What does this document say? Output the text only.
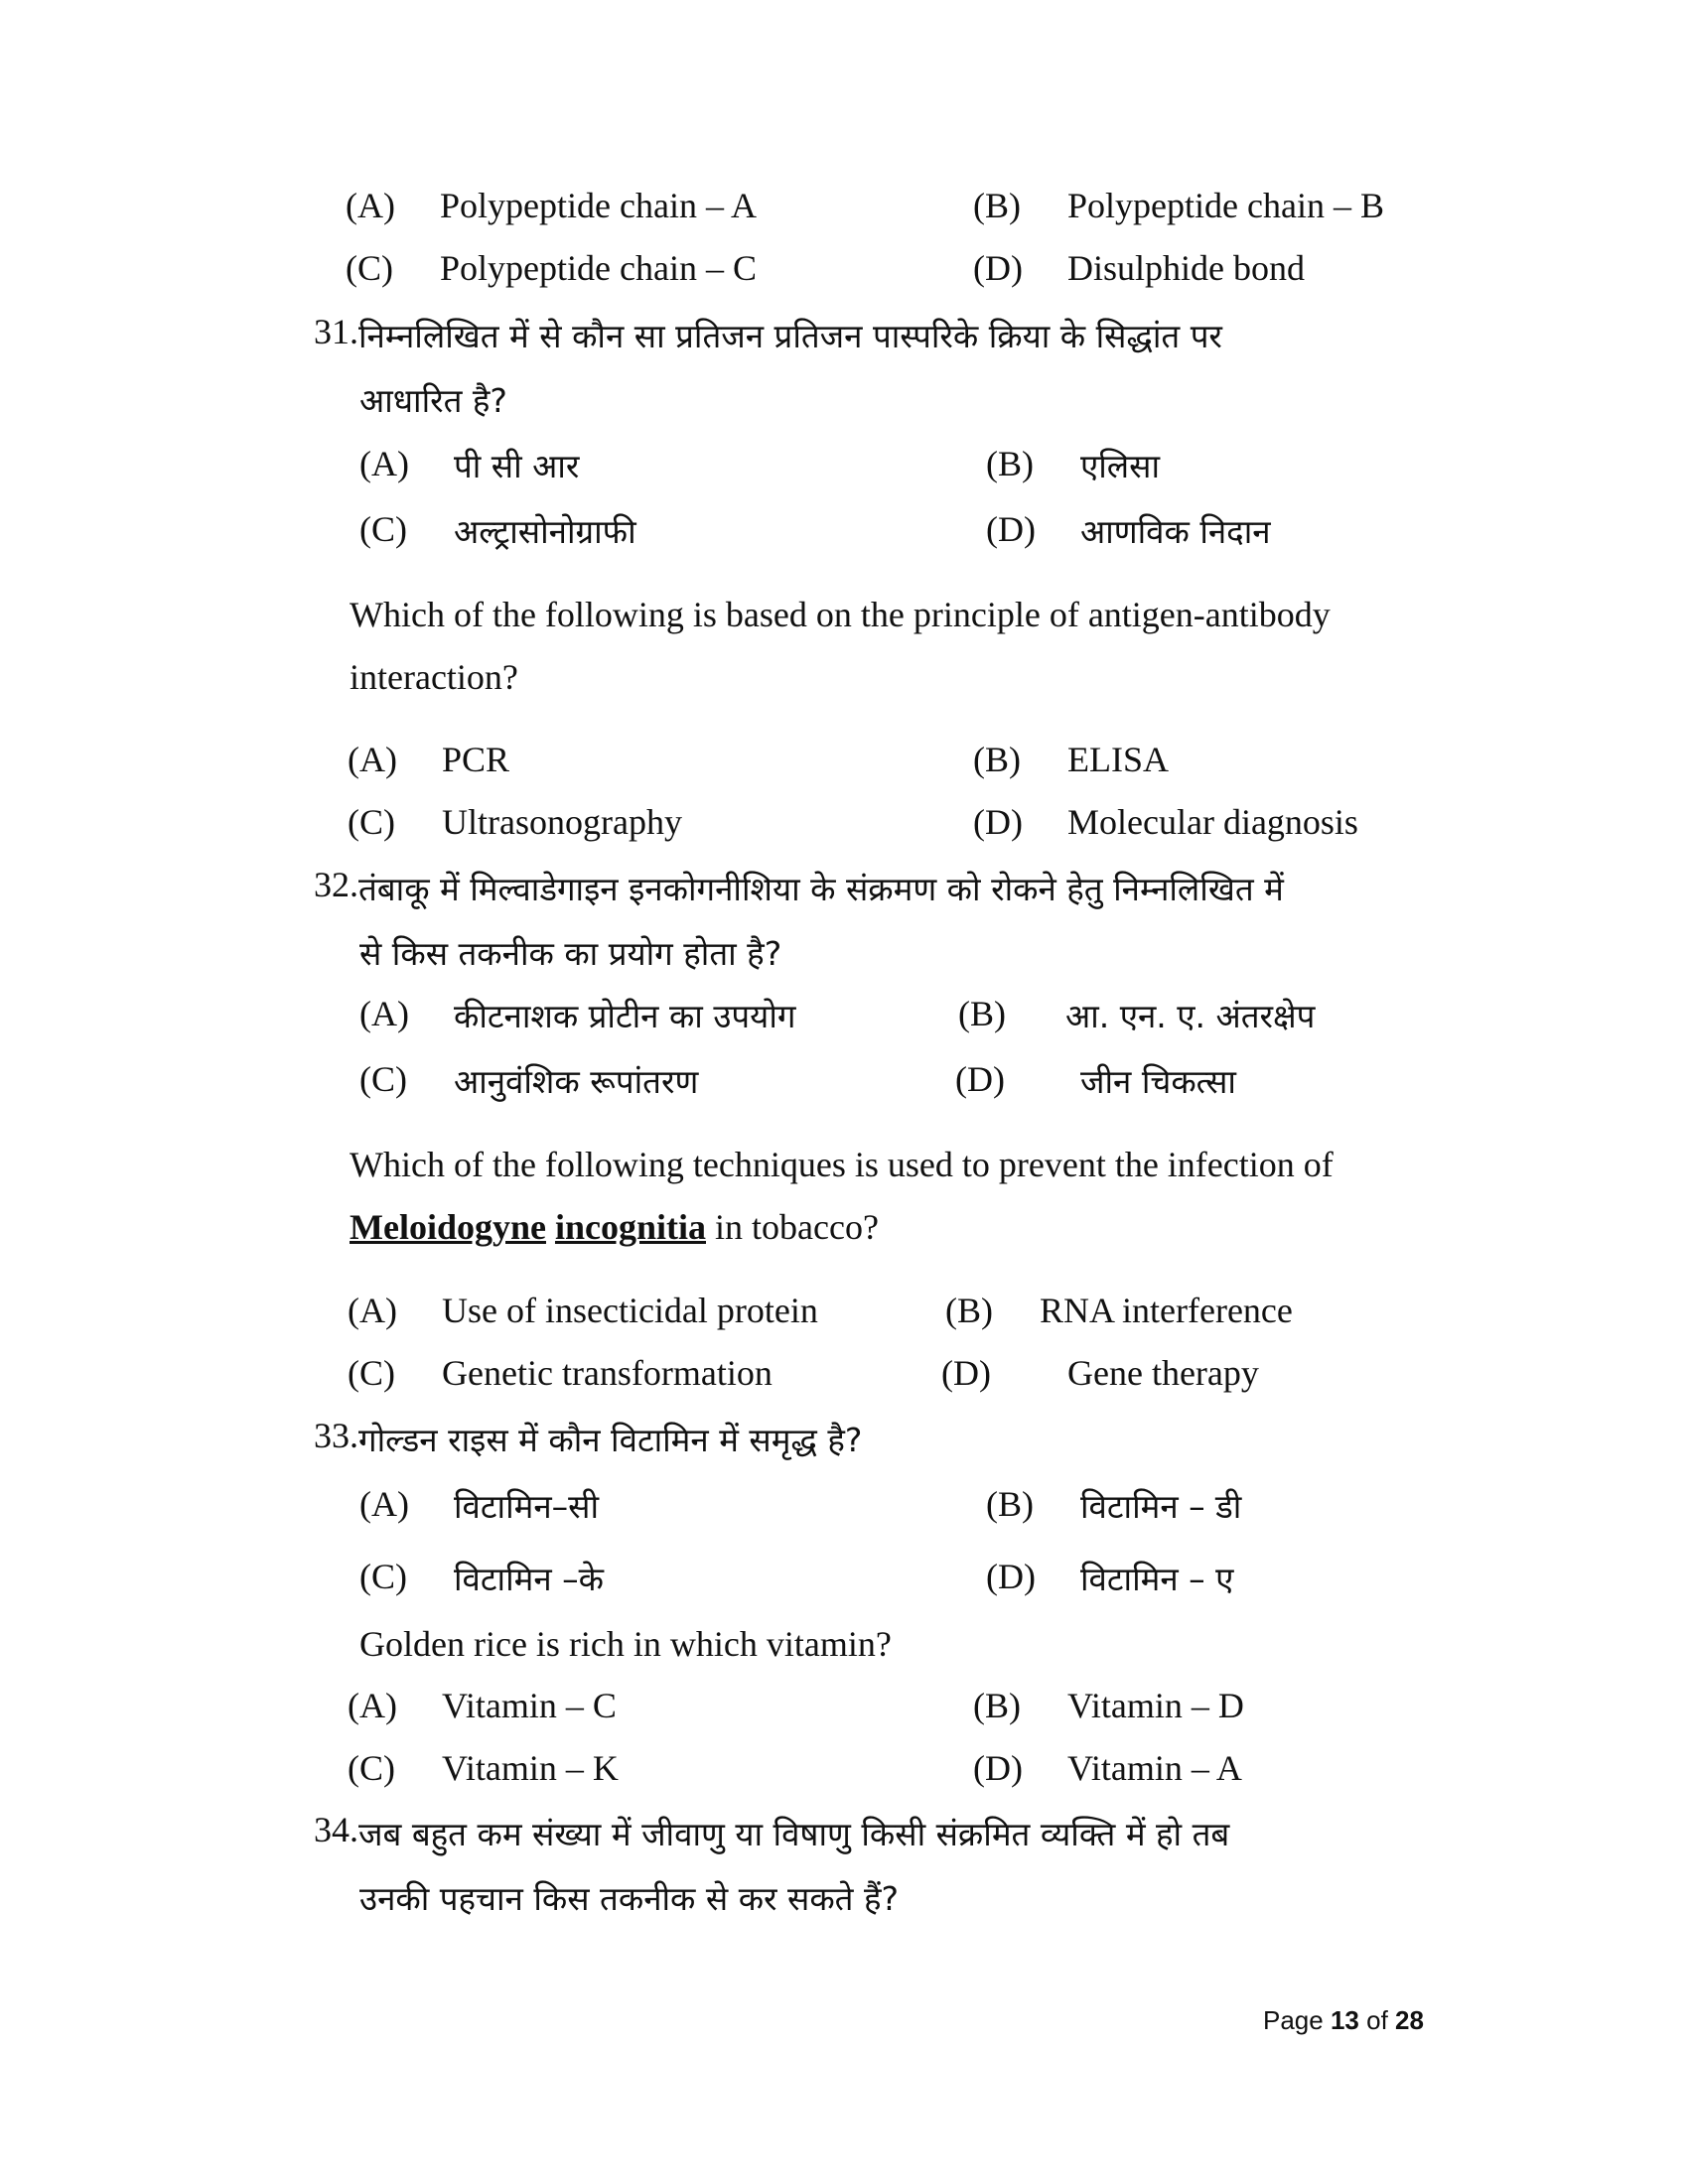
(A) Polypeptide chain – A	(B) Polypeptide chain – B
(C) Polypeptide chain – C	(D) Disulphide bond
31. निम्नलिखित में से कौन सा प्रतिजन प्रतिजन पास्परिके क्रिया के सिद्धांत पर
आधारित है?
(A) पी सी आर	(B) एलिसा
(C) अल्ट्रासोनोग्राफी	(D) आणविक निदान
Which of the following is based on the principle of antigen-antibody
interaction?
(A) PCR	(B) ELISA
(C) Ultrasonography	(D) Molecular diagnosis
32. तंबाकू में मिल्वाडेगाइन इनकोगनीशिया के संक्रमण को रोकने हेतु निम्नलिखित में
से किस तकनीक का प्रयोग होता है?
(A) कीटनाशक प्रोटीन का उपयोग	(B) आ. एन. ए. अंतरक्षेप
(C) आनुवंशिक रूपांतरण	(D) जीन चिकत्सा
Which of the following techniques is used to prevent the infection of
Meloidogyne incognitia in tobacco?
(A) Use of insecticidal protein	(B) RNA interference
(C) Genetic transformation	(D) Gene therapy
33. गोल्डन राइस में कौन विटामिन में समृद्ध है?
(A) विटामिन–सी	(B) विटामिन – डी
(C) विटामिन –के	(D) विटामिन – ए
Golden rice is rich in which vitamin?
(A) Vitamin – C	(B) Vitamin – D
(C) Vitamin – K	(D) Vitamin – A
34. जब बहुत कम संख्या में जीवाणु या विषाणु किसी संक्रमित व्यक्ति में हो तब
उनकी पहचान किस तकनीक से कर सकते हैं?
Page 13 of 28
